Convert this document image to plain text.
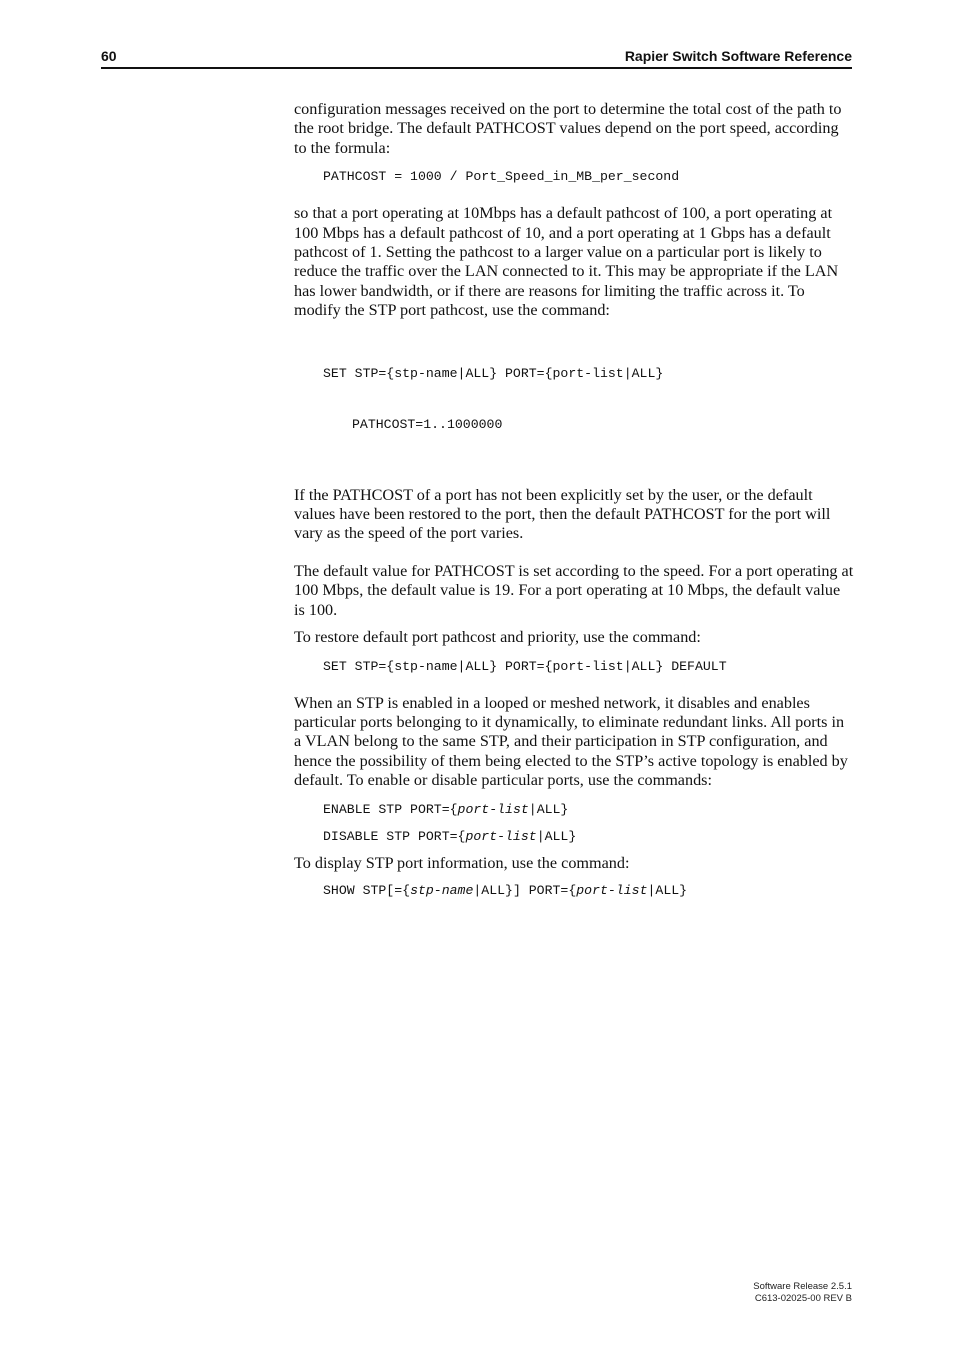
60	Rapier Switch Software Reference

configuration messages received on the port to determine the total cost of the path to the root bridge. The default PATHCOST values depend on the port speed, according to the formula:

PATHCOST = 1000 / Port_Speed_in_MB_per_second

so that a port operating at 10Mbps has a default pathcost of 100, a port operating at 100 Mbps has a default pathcost of 10, and a port operating at 1 Gbps has a default pathcost of 1. Setting the pathcost to a larger value on a particular port is likely to reduce the traffic over the LAN connected to it. This may be appropriate if the LAN has lower bandwidth, or if there are reasons for limiting the traffic across it. To modify the STP port pathcost, use the command:

SET STP={stp-name|ALL} PORT={port-list|ALL}

PATHCOST=1..1000000

If the PATHCOST of a port has not been explicitly set by the user, or the default values have been restored to the port, then the default PATHCOST for the port will vary as the speed of the port varies.

The default value for PATHCOST is set according to the speed. For a port operating at 100 Mbps, the default value is 19. For a port operating at 10 Mbps, the default value is 100.

To restore default port pathcost and priority, use the command:

SET STP={stp-name|ALL} PORT={port-list|ALL} DEFAULT

When an STP is enabled in a looped or meshed network, it disables and enables particular ports belonging to it dynamically, to eliminate redundant links. All ports in a VLAN belong to the same STP, and their participation in STP configuration, and hence the possibility of them being elected to the STP’s active topology is enabled by default. To enable or disable particular ports, use the commands:

ENABLE STP PORT={port-list|ALL}
DISABLE STP PORT={port-list|ALL}

To display STP port information, use the command:

SHOW STP[={stp-name|ALL}] PORT={port-list|ALL}
Software Release 2.5.1
C613-02025-00 REV B
